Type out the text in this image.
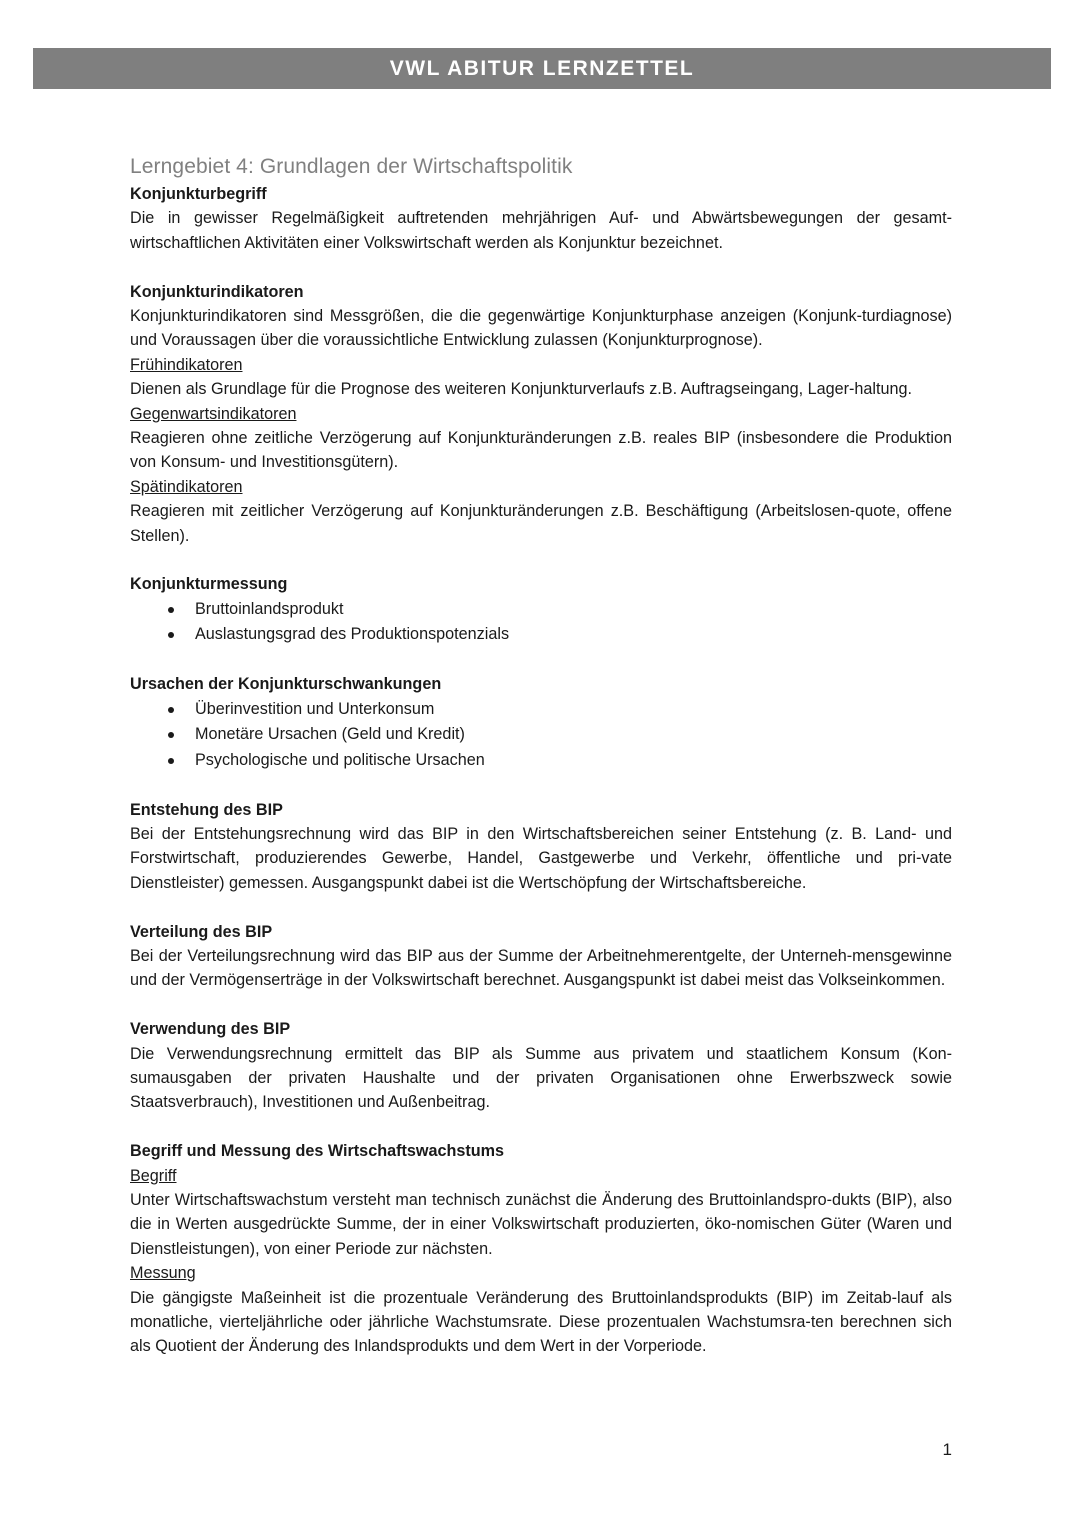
VWL ABITUR LERNZETTEL
Lerngebiet 4: Grundlagen der Wirtschaftspolitik
Konjunkturbegriff

Die in gewisser Regelmäßigkeit auftretenden mehrjährigen Auf- und Abwärtsbewegungen der gesamt-wirtschaftlichen Aktivitäten einer Volkswirtschaft werden als Konjunktur bezeichnet.

Konjunkturindikatoren

Konjunkturindikatoren sind Messgrößen, die die gegenwärtige Konjunkturphase anzeigen (Konjunk-turdiagnose) und Voraussagen über die voraussichtliche Entwicklung zulassen (Konjunkturprognose).

Frühindikatoren

Dienen als Grundlage für die Prognose des weiteren Konjunkturverlaufs z.B. Auftragseingang, Lager-haltung.

Gegenwartsindikatoren

Reagieren ohne zeitliche Verzögerung auf Konjunkturänderungen z.B. reales BIP (insbesondere die Produktion von Konsum- und Investitionsgütern).

Spätindikatoren

Reagieren mit zeitlicher Verzögerung auf Konjunkturänderungen z.B. Beschäftigung (Arbeitslosen-quote, offene Stellen).

Konjunkturmessung
Bruttoinlandsprodukt
Auslastungsgrad des Produktionspotenzials
Ursachen der Konjunkturschwankungen
Überinvestition und Unterkonsum
Monetäre Ursachen (Geld und Kredit)
Psychologische und politische Ursachen
Entstehung des BIP

Bei der Entstehungsrechnung wird das BIP in den Wirtschaftsbereichen seiner Entstehung (z. B. Land- und Forstwirtschaft, produzierendes Gewerbe, Handel, Gastgewerbe und Verkehr, öffentliche und pri-vate Dienstleister) gemessen. Ausgangspunkt dabei ist die Wertschöpfung der Wirtschaftsbereiche.

Verteilung des BIP

Bei der Verteilungsrechnung wird das BIP aus der Summe der Arbeitnehmerentgelte, der Unterneh-mensgewinne und der Vermögenserträge in der Volkswirtschaft berechnet. Ausgangspunkt ist dabei meist das Volkseinkommen.

Verwendung des BIP

Die Verwendungsrechnung ermittelt das BIP als Summe aus privatem und staatlichem Konsum (Kon-sumausgaben der privaten Haushalte und der privaten Organisationen ohne Erwerbszweck sowie Staatsverbrauch), Investitionen und Außenbeitrag.

Begriff und Messung des Wirtschaftswachstums
Begriff

Unter Wirtschaftswachstum versteht man technisch zunächst die Änderung des Bruttoinlandspro-dukts (BIP), also die in Werten ausgedrückte Summe, der in einer Volkswirtschaft produzierten, öko-nomischen Güter (Waren und Dienstleistungen), von einer Periode zur nächsten.

Messung

Die gängigste Maßeinheit ist die prozentuale Veränderung des Bruttoinlandsprodukts (BIP) im Zeitab-lauf als monatliche, vierteljährliche oder jährliche Wachstumsrate. Diese prozentualen Wachstumsra-ten berechnen sich als Quotient der Änderung des Inlandsprodukts und dem Wert in der Vorperiode.

1
